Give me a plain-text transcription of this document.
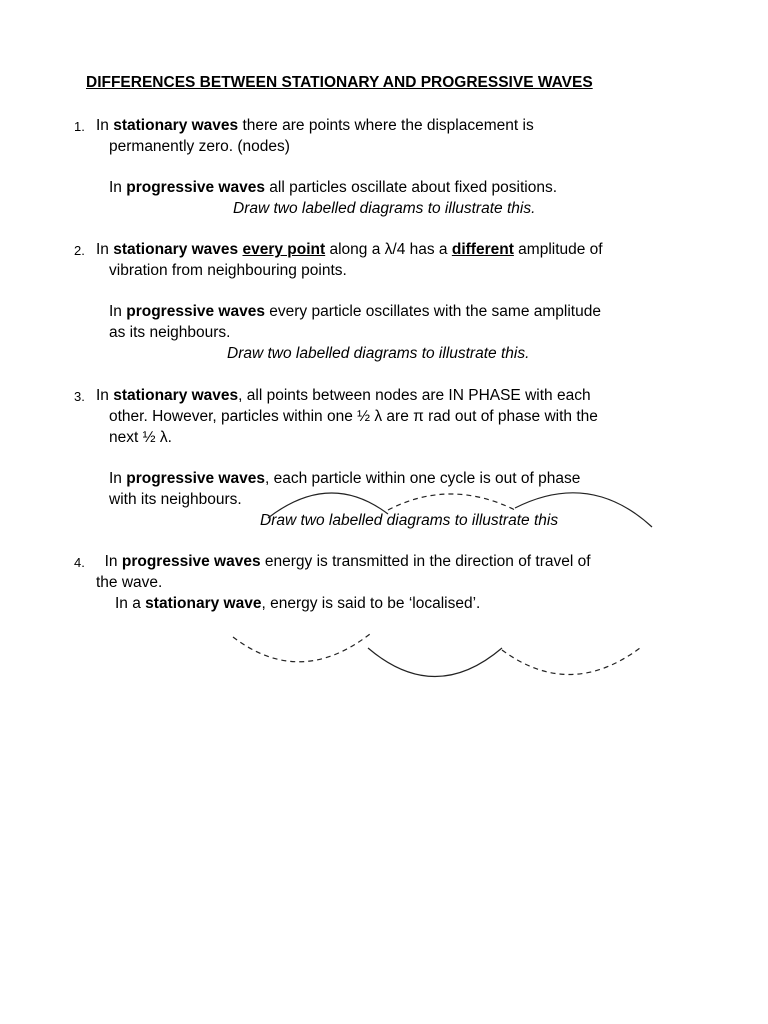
DIFFERENCES BETWEEN STATIONARY AND PROGRESSIVE WAVES
1. In stationary waves there are points where the displacement is
permanently zero. (nodes)
In progressive waves all particles oscillate about fixed positions.
Draw two labelled diagrams to illustrate this.
2. In stationary waves every point along a λ/4 has a different amplitude of
vibration from neighbouring points.
In progressive waves every particle oscillates with the same amplitude
as its neighbours.
Draw two labelled diagrams to illustrate this.
3. In stationary waves, all points between nodes are IN PHASE with each
other. However, particles within one ½ λ are π rad out of phase with the
next ½ λ.
In progressive waves, each particle within one cycle is out of phase
with its neighbours.
Draw two labelled diagrams to illustrate this
4. In progressive waves energy is transmitted in the direction of travel of
the wave.
In a stationary wave, energy is said to be ‘localised’.
